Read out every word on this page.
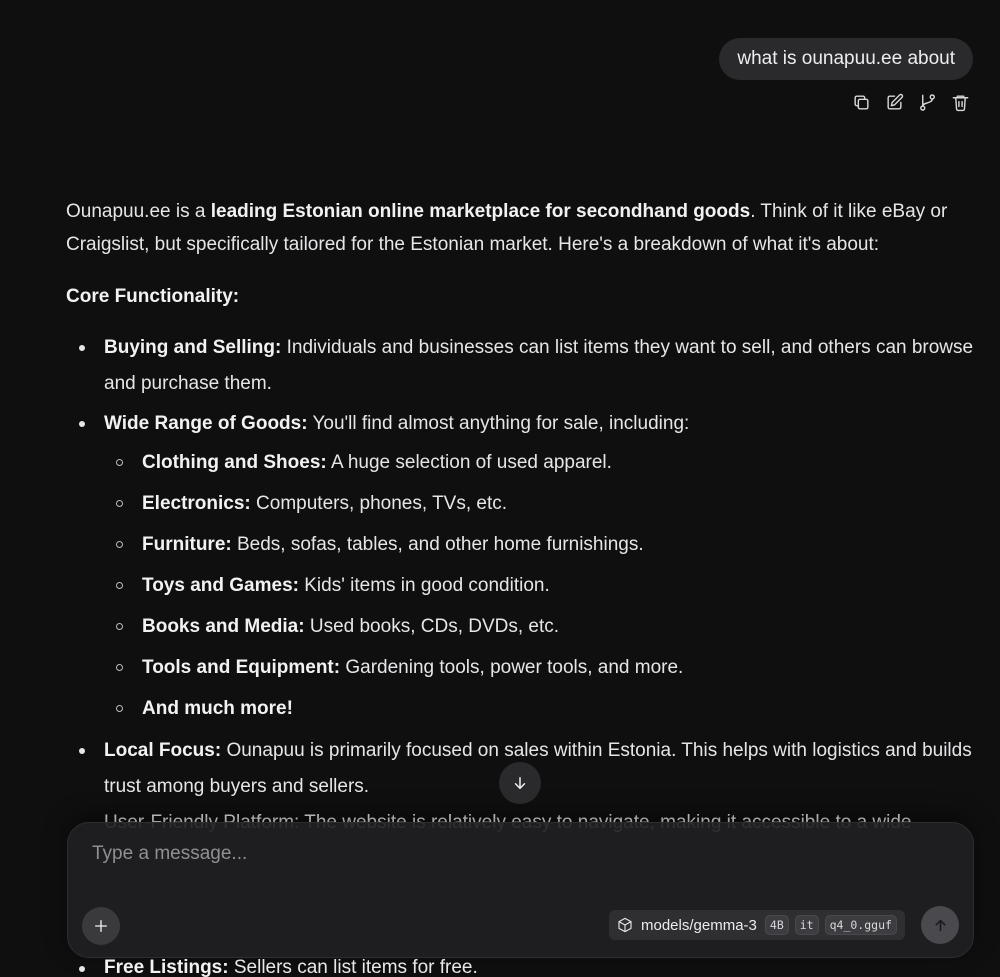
what is ounapuu.ee about

Ounapuu.ee is a leading Estonian online marketplace for secondhand goods. Think of it like eBay or Craigslist, but specifically tailored for the Estonian market. Here's a breakdown of what it's about:

Core Functionality:

Buying and Selling: Individuals and businesses can list items they want to sell, and others can browse and purchase them.
Wide Range of Goods: You'll find almost anything for sale, including:
Clothing and Shoes: A huge selection of used apparel.
Electronics: Computers, phones, TVs, etc.
Furniture: Beds, sofas, tables, and other home furnishings.
Toys and Games: Kids' items in good condition.
Books and Media: Used books, CDs, DVDs, etc.
Tools and Equipment: Gardening tools, power tools, and more.
And much more!
Local Focus: Ounapuu is primarily focused on sales within Estonia. This helps with logistics and builds trust among buyers and sellers.
Type a message...
models/gemma-3	4B	it	q4_0.gguf
Free Listings: Sellers can list items for free.
